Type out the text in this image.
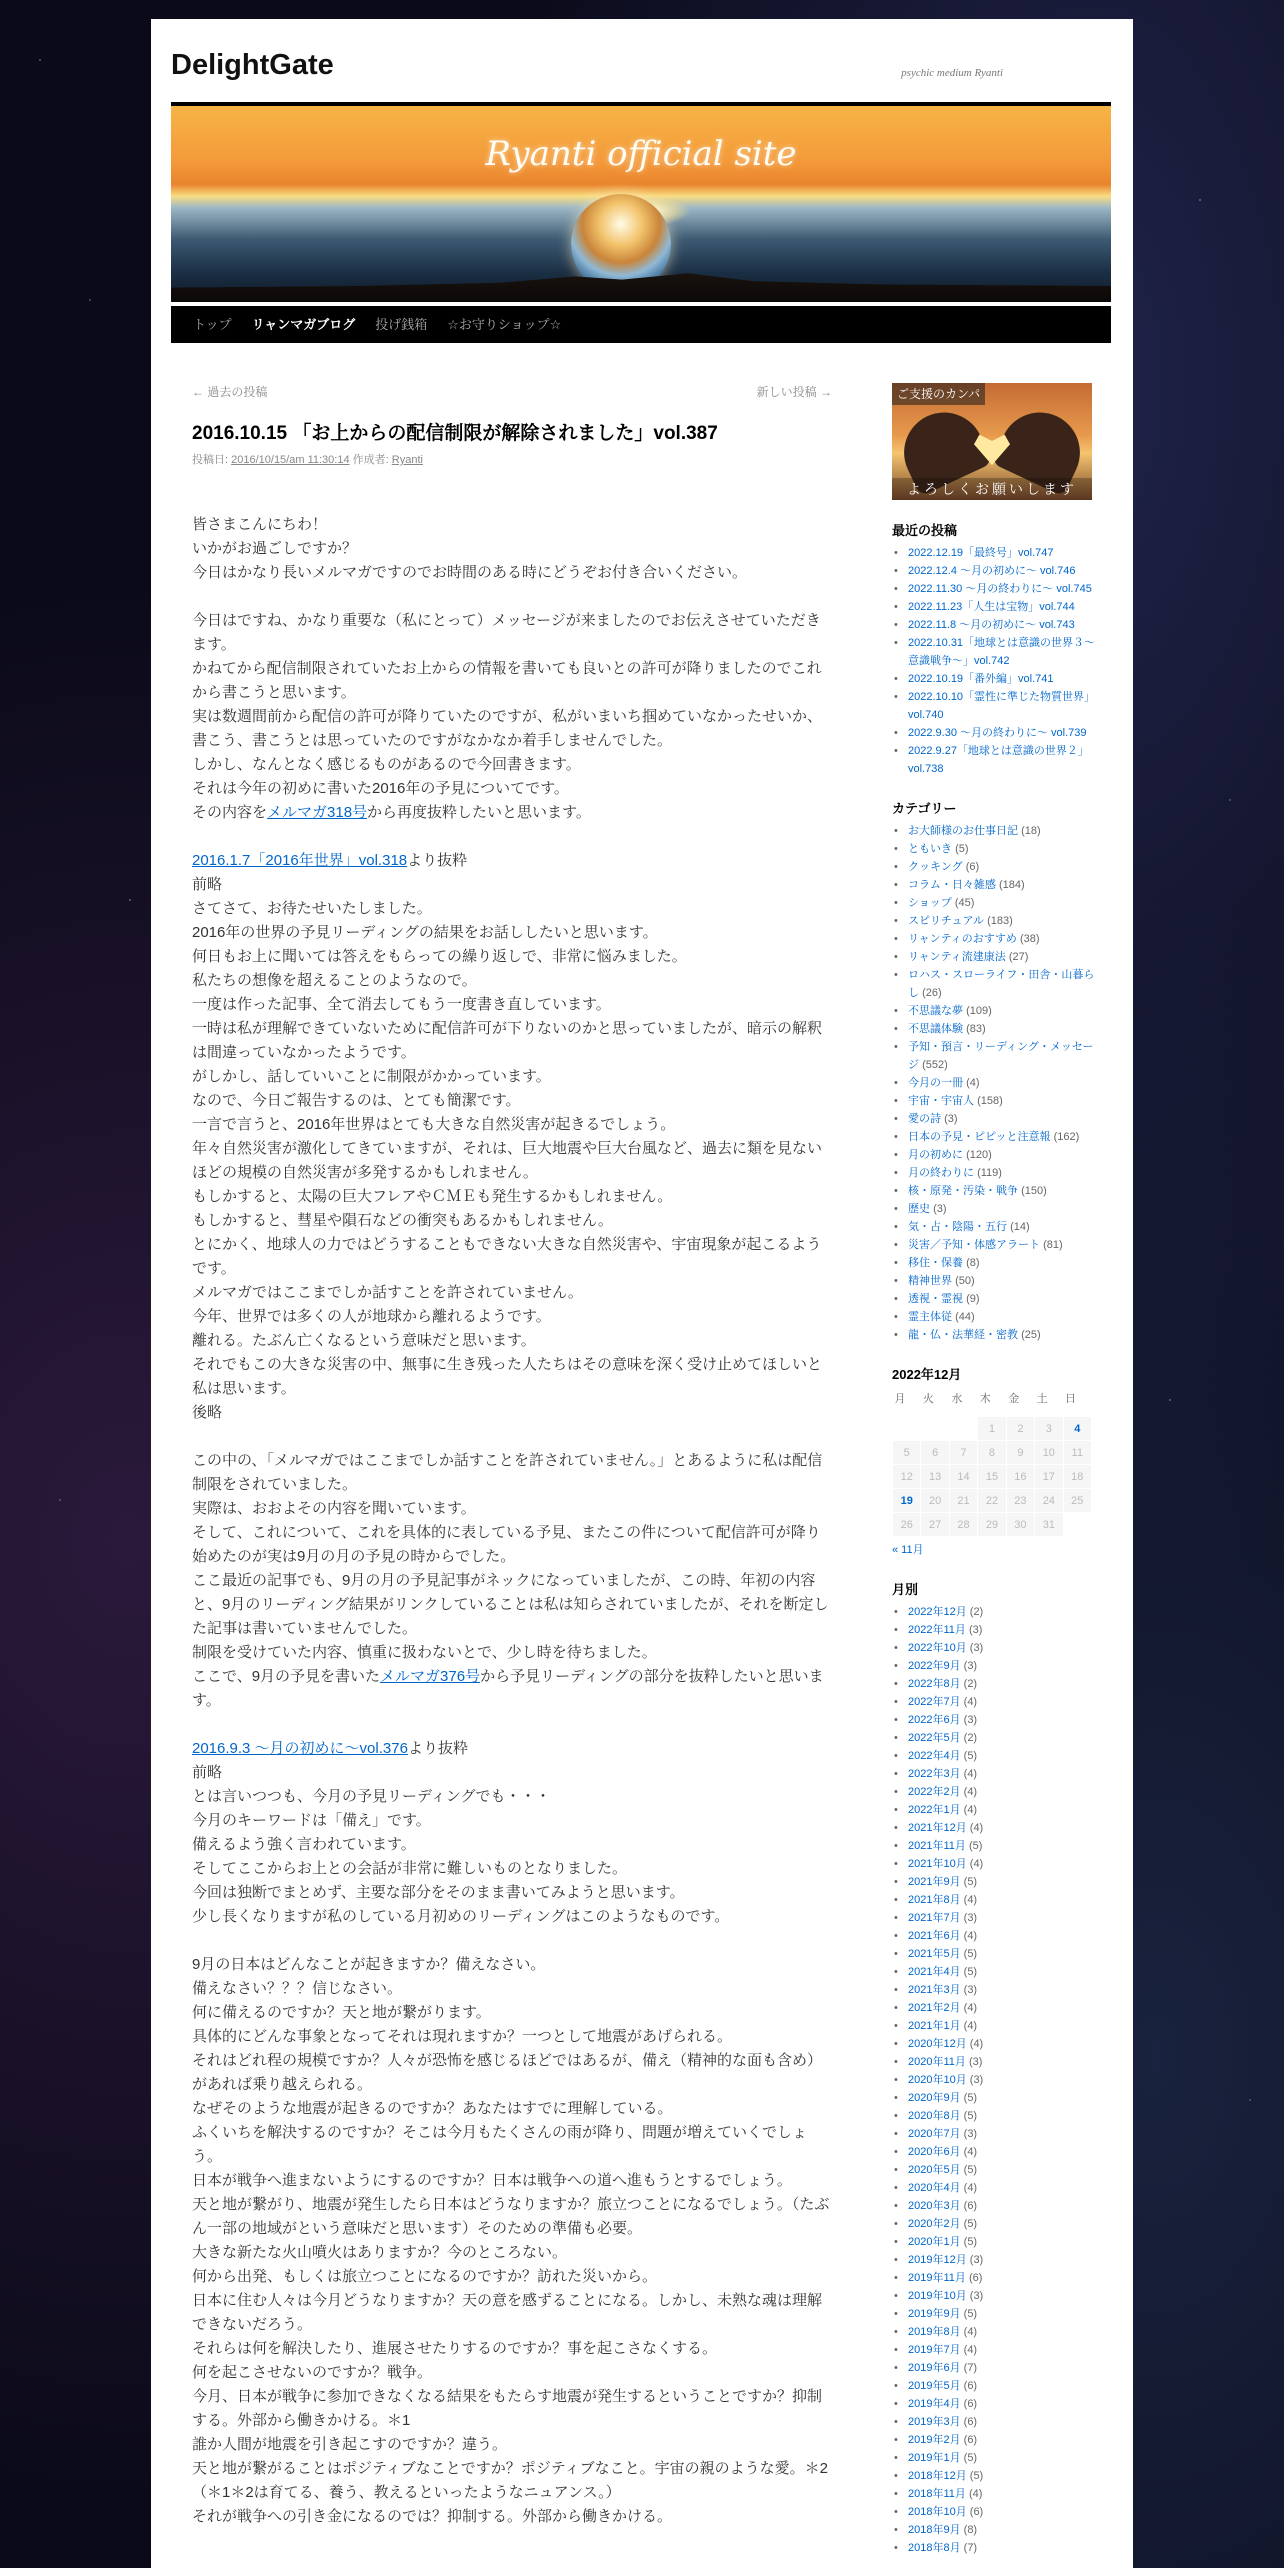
DelightGate	psychic medium Ryanti
Ryanti official site
トップ リャンマガブログ 投げ銭箱 ☆お守りショップ☆
← 過去の投稿	新しい投稿 →
2016.10.15 「お上からの配信制限が解除されました」vol.387
投稿日: 2016/10/15/am 11:30:14 作成者: Ryanti

皆さまこんにちわ！

いかがお過ごしですか？

今日はかなり長いメルマガですのでお時間のある時にどうぞお付き合いください。

今日はですね、かなり重要な（私にとって）メッセージが来ましたのでお伝えさせていただきます。

かねてから配信制限されていたお上からの情報を書いても良いとの許可が降りましたのでこれから書こうと思います。

実は数週間前から配信の許可が降りていたのですが、私がいまいち掴めていなかったせいか、書こう、書こうとは思っていたのですがなかなか着手しませんでした。

しかし、なんとなく感じるものがあるので今回書きます。

それは今年の初めに書いた2016年の予見についてです。

その内容をメルマガ318号から再度抜粋したいと思います。

2016.1.7「2016年世界」vol.318より抜粋

前略

さてさて、お待たせいたしました。

2016年の世界の予見リーディングの結果をお話ししたいと思います。

何日もお上に聞いては答えをもらっての繰り返しで、非常に悩みました。

私たちの想像を超えることのようなので。

一度は作った記事、全て消去してもう一度書き直しています。

一時は私が理解できていないために配信許可が下りないのかと思っていましたが、暗示の解釈は間違っていなかったようです。

がしかし、話していいことに制限がかかっています。

なので、今日ご報告するのは、とても簡潔です。

一言で言うと、2016年世界はとても大きな自然災害が起きるでしょう。

年々自然災害が激化してきていますが、それは、巨大地震や巨大台風など、過去に類を見ないほどの規模の自然災害が多発するかもしれません。

もしかすると、太陽の巨大フレアやＣＭＥも発生するかもしれません。

もしかすると、彗星や隕石などの衝突もあるかもしれません。

とにかく、地球人の力ではどうすることもできない大きな自然災害や、宇宙現象が起こるようです。

メルマガではここまでしか話すことを許されていません。

今年、世界では多くの人が地球から離れるようです。

離れる。たぶん亡くなるという意味だと思います。

それでもこの大きな災害の中、無事に生き残った人たちはその意味を深く受け止めてほしいと私は思います。

後略

この中の、「メルマガではここまでしか話すことを許されていません。」とあるように私は配信制限をされていました。

実際は、おおよその内容を聞いています。

そして、これについて、これを具体的に表している予見、またこの件について配信許可が降り始めたのが実は9月の月の予見の時からでした。

ここ最近の記事でも、9月の月の予見記事がネックになっていましたが、この時、年初の内容と、9月のリーディング結果がリンクしていることは私は知らされていましたが、それを断定した記事は書いていませんでした。

制限を受けていた内容、慎重に扱わないとで、少し時を待ちました。

ここで、9月の予見を書いたメルマガ376号から予見リーディングの部分を抜粋したいと思います。

2016.9.3 ～月の初めに～vol.376より抜粋

前略

とは言いつつも、今月の予見リーディングでも・・・

今月のキーワードは「備え」です。

備えるよう強く言われています。

そしてここからお上との会話が非常に難しいものとなりました。

今回は独断でまとめず、主要な部分をそのまま書いてみようと思います。

少し長くなりますが私のしている月初めのリーディングはこのようなものです。

9月の日本はどんなことが起きますか？備えなさい。

備えなさい？？？信じなさい。

何に備えるのですか？天と地が繋がります。

具体的にどんな事象となってそれは現れますか？一つとして地震があげられる。

それはどれ程の規模ですか？人々が恐怖を感じるほどではあるが、備え（精神的な面も含め）があれば乗り越えられる。

なぜそのような地震が起きるのですか？あなたはすでに理解している。

ふくいちを解決するのですか？そこは今月もたくさんの雨が降り、問題が増えていくでしょう。

日本が戦争へ進まないようにするのですか？日本は戦争への道へ進もうとするでしょう。

天と地が繋がり、地震が発生したら日本はどうなりますか？旅立つことになるでしょう。（たぶん一部の地域がという意味だと思います）そのための準備も必要。

大きな新たな火山噴火はありますか？今のところない。

何から出発、もしくは旅立つことになるのですか？訪れた災いから。

日本に住む人々は今月どうなりますか？天の意を感ずることになる。しかし、未熟な魂は理解できないだろう。

それらは何を解決したり、進展させたりするのですか？事を起こさなくする。

何を起こさせないのですか？戦争。

今月、日本が戦争に参加できなくなる結果をもたらす地震が発生するということですか？抑制する。外部から働きかける。＊1

誰か人間が地震を引き起こすのですか？違う。

天と地が繋がることはポジティブなことですか？ポジティブなこと。宇宙の親のような愛。＊2

（＊1＊2は育てる、養う、教えるといったようなニュアンス。）

それが戦争への引き金になるのでは？抑制する。外部から働きかける。

ご支援のカンパ
よろしくお願いします
最近の投稿
• 2022.12.19「最終号」vol.747
• 2022.12.4 ～月の初めに～ vol.746
• 2022.11.30 ～月の終わりに～ vol.745
• 2022.11.23「人生は宝物」vol.744
• 2022.11.8 ～月の初めに～ vol.743
• 2022.10.31「地球とは意識の世界３～意識戦争～」vol.742
• 2022.10.19「番外編」vol.741
• 2022.10.10「霊性に準じた物質世界」vol.740
• 2022.9.30 ～月の終わりに～ vol.739
• 2022.9.27「地球とは意識の世界２」vol.738
カテゴリー
• お大師様のお仕事日記 (18)
• ともいき (5)
• クッキング (6)
• コラム・日々雑感 (184)
• ショップ (45)
• スピリチュアル (183)
• リャンティのおすすめ (38)
• リャンティ流建康法 (27)
• ロハス・スローライフ・田舎・山暮らし (26)
• 不思議な夢 (109)
• 不思議体験 (83)
• 予知・預言・リーディング・メッセージ (552)
• 今月の一冊 (4)
• 宇宙・宇宙人 (158)
• 愛の詩 (3)
• 日本の予見・ピピッと注意報 (162)
• 月の初めに (120)
• 月の終わりに (119)
• 核・原発・汚染・戦争 (150)
• 歴史 (3)
• 気・占・陰陽・五行 (14)
• 災害／予知・体感アラート (81)
• 移住・保養 (8)
• 精神世界 (50)
• 透視・霊視 (9)
• 霊主体従 (44)
• 龍・仏・法華経・密教 (25)
2022年12月
月	火	水	木	金	土	日
			1	2	3	4
5	6	7	8	9	10	11
12	13	14	15	16	17	18
19	20	21	22	23	24	25
26	27	28	29	30	31	
« 11月
月別
• 2022年12月 (2)
• 2022年11月 (3)
• 2022年10月 (3)
• 2022年9月 (3)
• 2022年8月 (2)
• 2022年7月 (4)
• 2022年6月 (3)
• 2022年5月 (2)
• 2022年4月 (5)
• 2022年3月 (4)
• 2022年2月 (4)
• 2022年1月 (4)
• 2021年12月 (4)
• 2021年11月 (5)
• 2021年10月 (4)
• 2021年9月 (5)
• 2021年8月 (4)
• 2021年7月 (3)
• 2021年6月 (4)
• 2021年5月 (5)
• 2021年4月 (5)
• 2021年3月 (3)
• 2021年2月 (4)
• 2021年1月 (4)
• 2020年12月 (4)
• 2020年11月 (3)
• 2020年10月 (3)
• 2020年9月 (5)
• 2020年8月 (5)
• 2020年7月 (3)
• 2020年6月 (4)
• 2020年5月 (5)
• 2020年4月 (4)
• 2020年3月 (6)
• 2020年2月 (5)
• 2020年1月 (5)
• 2019年12月 (3)
• 2019年11月 (6)
• 2019年10月 (3)
• 2019年9月 (5)
• 2019年8月 (4)
• 2019年7月 (4)
• 2019年6月 (7)
• 2019年5月 (6)
• 2019年4月 (6)
• 2019年3月 (6)
• 2019年2月 (6)
• 2019年1月 (5)
• 2018年12月 (5)
• 2018年11月 (4)
• 2018年10月 (6)
• 2018年9月 (8)
• 2018年8月 (7)
